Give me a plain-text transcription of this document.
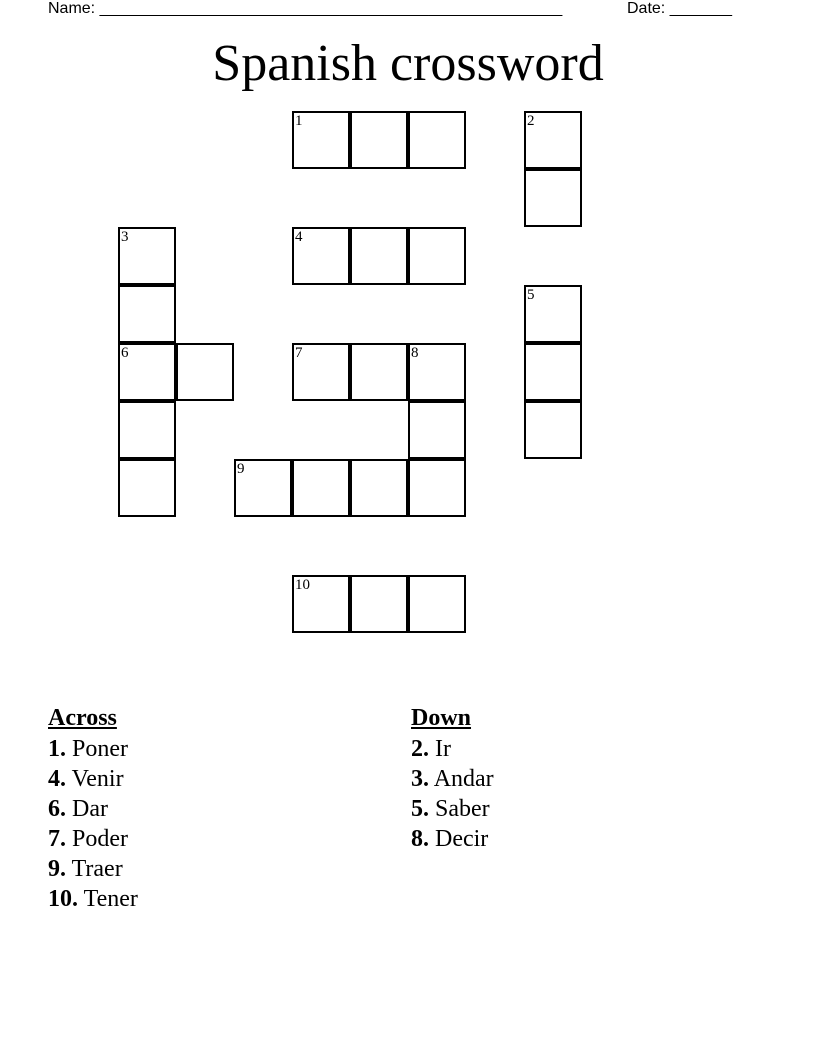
Name: ____________________________________________________	Date: _______
Spanish crossword
1	2
3	4
5
6	7	8
9
10
Across
1. Poner
4. Venir
6. Dar
7. Poder
9. Traer
10. Tener
Down
2. Ir
3. Andar
5. Saber
8. Decir
